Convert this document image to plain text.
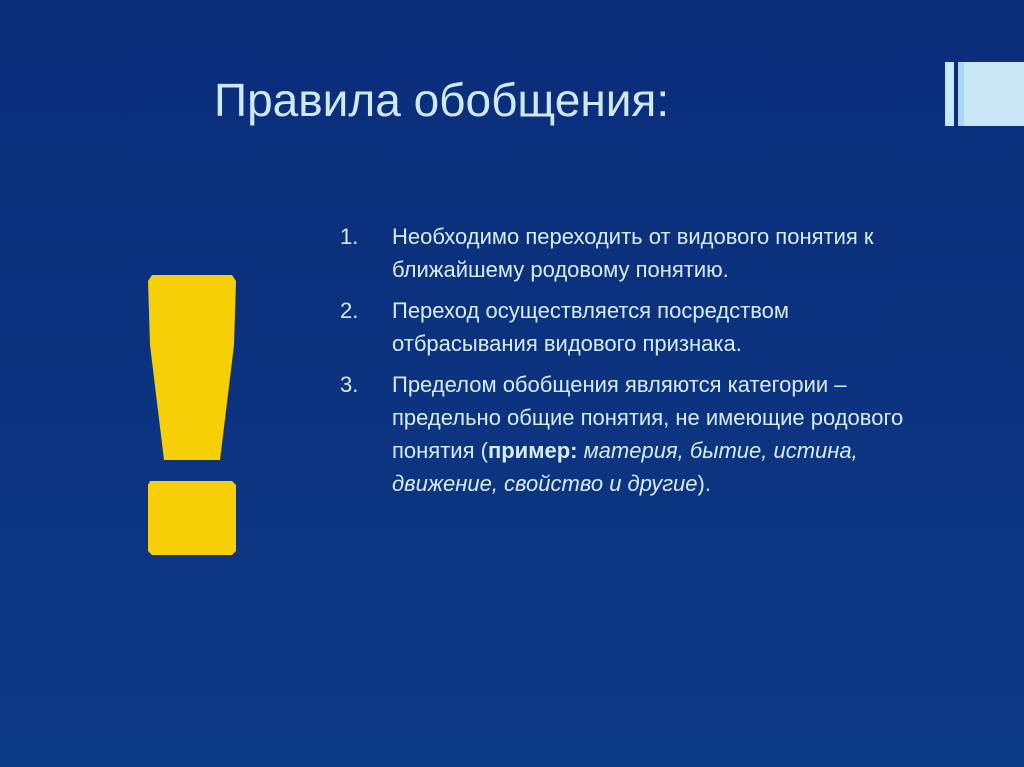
Правила обобщения:
1. Необходимо переходить от видового понятия к ближайшему родовому понятию.
2. Переход осуществляется посредством отбрасывания видового признака.
3. Пределом обобщения являются категории – предельно общие понятия, не имеющие родового понятия (пример: материя, бытие, истина, движение, свойство и другие).
